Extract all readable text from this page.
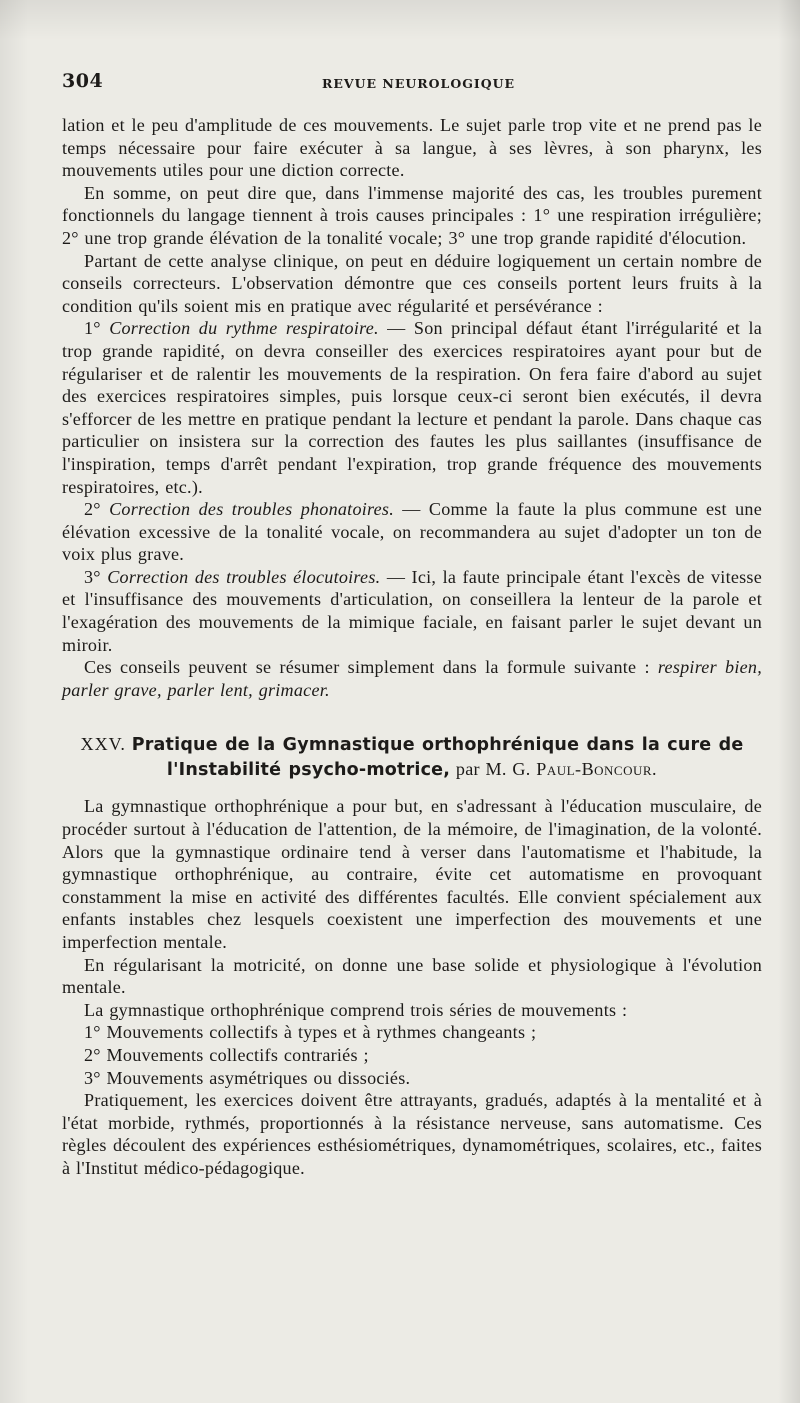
304	REVUE NEUROLOGIQUE

lation et le peu d'amplitude de ces mouvements. Le sujet parle trop vite et ne prend pas le temps nécessaire pour faire exécuter à sa langue, à ses lèvres, à son pharynx, les mouvements utiles pour une diction correcte.

En somme, on peut dire que, dans l'immense majorité des cas, les troubles purement fonctionnels du langage tiennent à trois causes principales : 1° une respiration irrégulière; 2° une trop grande élévation de la tonalité vocale; 3° une trop grande rapidité d'élocution.

Partant de cette analyse clinique, on peut en déduire logiquement un certain nombre de conseils correcteurs. L'observation démontre que ces conseils portent leurs fruits à la condition qu'ils soient mis en pratique avec régularité et persévérance :

1° Correction du rythme respiratoire. — Son principal défaut étant l'irrégularité et la trop grande rapidité, on devra conseiller des exercices respiratoires ayant pour but de régulariser et de ralentir les mouvements de la respiration. On fera faire d'abord au sujet des exercices respiratoires simples, puis lorsque ceux-ci seront bien exécutés, il devra s'efforcer de les mettre en pratique pendant la lecture et pendant la parole. Dans chaque cas particulier on insistera sur la correction des fautes les plus saillantes (insuffisance de l'inspiration, temps d'arrêt pendant l'expiration, trop grande fréquence des mouvements respiratoires, etc.).

2° Correction des troubles phonatoires. — Comme la faute la plus commune est une élévation excessive de la tonalité vocale, on recommandera au sujet d'adopter un ton de voix plus grave.

3° Correction des troubles élocutoires. — Ici, la faute principale étant l'excès de vitesse et l'insuffisance des mouvements d'articulation, on conseillera la lenteur de la parole et l'exagération des mouvements de la mimique faciale, en faisant parler le sujet devant un miroir.

Ces conseils peuvent se résumer simplement dans la formule suivante : respirer bien, parler grave, parler lent, grimacer.

XXV. Pratique de la Gymnastique orthophrénique dans la cure de l'Instabilité psycho-motrice, par M. G. Paul-Boncour.

La gymnastique orthophrénique a pour but, en s'adressant à l'éducation musculaire, de procéder surtout à l'éducation de l'attention, de la mémoire, de l'imagination, de la volonté. Alors que la gymnastique ordinaire tend à verser dans l'automatisme et l'habitude, la gymnastique orthophrénique, au contraire, évite cet automatisme en provoquant constamment la mise en activité des différentes facultés. Elle convient spécialement aux enfants instables chez lesquels coexistent une imperfection des mouvements et une imperfection mentale.

En régularisant la motricité, on donne une base solide et physiologique à l'évolution mentale.

La gymnastique orthophrénique comprend trois séries de mouvements :

1° Mouvements collectifs à types et à rythmes changeants ;

2° Mouvements collectifs contrariés ;

3° Mouvements asymétriques ou dissociés.

Pratiquement, les exercices doivent être attrayants, gradués, adaptés à la mentalité et à l'état morbide, rythmés, proportionnés à la résistance nerveuse, sans automatisme. Ces règles découlent des expériences esthésiométriques, dynamométriques, scolaires, etc., faites à l'Institut médico-pédagogique.
